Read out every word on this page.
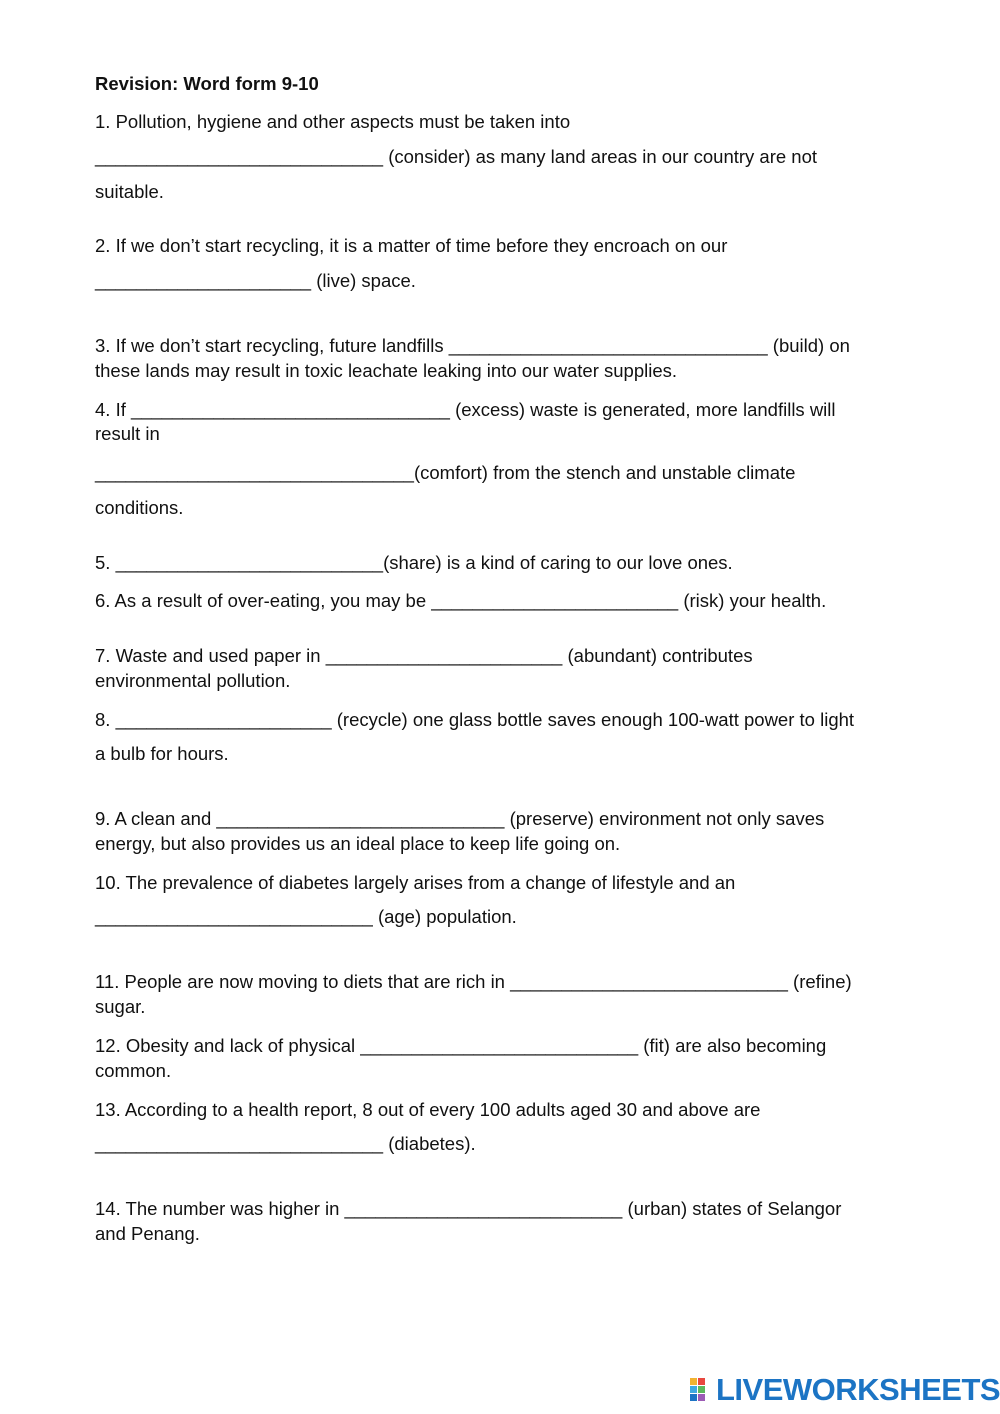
Revision: Word form 9-10
1. Pollution, hygiene and other aspects must be taken into
____________________________ (consider) as many land areas in our country are not
suitable.
2. If we don’t start recycling, it is a matter of time before they encroach on our
_____________________ (live) space.
3. If we don’t start recycling, future landfills _______________________________ (build) on
these lands may result in toxic leachate leaking into our water supplies.
4. If _______________________________ (excess) waste is generated, more landfills will
result in
_______________________________(comfort) from the stench and unstable climate
conditions.
5. __________________________(share) is a kind of caring to our love ones.
6. As a result of over-eating, you may be ________________________ (risk) your health.
7. Waste and used paper in _______________________ (abundant) contributes
environmental pollution.
8. _____________________ (recycle) one glass bottle saves enough 100-watt power to light
a bulb for hours.
9. A clean and ____________________________ (preserve) environment not only saves
energy, but also provides us an ideal place to keep life going on.
10. The prevalence of diabetes largely arises from a change of lifestyle and an
___________________________ (age) population.
11. People are now moving to diets that are rich in ___________________________ (refine)
sugar.
12. Obesity and lack of physical ___________________________ (fit) are also becoming
common.
13. According to a health report, 8 out of every 100 adults aged 30 and above are
____________________________ (diabetes).
14. The number was higher in ___________________________ (urban) states of Selangor
and Penang.
LIVEWORKSHEETS
